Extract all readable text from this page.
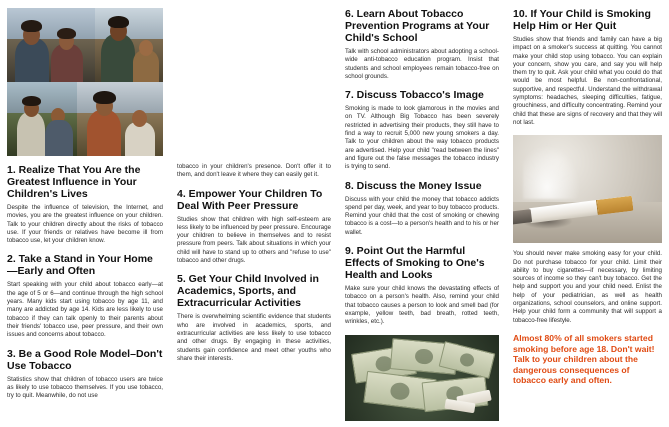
1. Realize That You Are the Greatest Influence in Your Children's Lives

Despite the influence of television, the Internet, and movies, you are the greatest influence on your children. Talk to your children directly about the risks of tobacco use. If your friends or relatives have become ill from tobacco use, let your children know.

2. Take a Stand in Your Home—Early and Often

Start speaking with your child about tobacco early—at the age of 5 or 6—and continue through the high school years. Many kids start using tobacco by age 11, and many are addicted by age 14. Kids are less likely to use tobacco if they can talk openly to their parents about their friends' tobacco use, peer pressure, and their own issues and concerns about tobacco.

3. Be a Good Role Model–Don't Use Tobacco

Statistics show that children of tobacco users are twice as likely to use tobacco themselves. If you use tobacco, try to quit. Meanwhile, do not use

tobacco in your children's presence. Don't offer it to them, and don't leave it where they can easily get it.

4. Empower Your Children To Deal With Peer Pressure

Studies show that children with high self-esteem are less likely to be influenced by peer pressure. Encourage your children to believe in themselves and to resist pressure from peers. Talk about situations in which your child will have to stand up to others and "refuse to use" tobacco and other drugs.

5. Get Your Child Involved in Academics, Sports, and Extracurricular Activities

There is overwhelming scientific evidence that students who are involved in academics, sports, and extracurricular activities are less likely to use tobacco and other drugs. By engaging in these activities, students gain confidence and meet other youths who share their interests.

6. Learn About Tobacco Prevention Programs at Your Child's School

Talk with school administrators about adopting a school-wide anti-tobacco education program. Insist that students and school employees remain tobacco-free on school grounds.

7. Discuss Tobacco's Image

Smoking is made to look glamorous in the movies and on TV. Although Big Tobacco has been severely restricted in advertising their products, they still have to find a way to recruit 5,000 new young smokers a day. Talk to your children about the way tobacco products are advertised. Help your child "read between the lines" and figure out the false messages the tobacco industry is trying to send.

8. Discuss the Money Issue

Discuss with your child the money that tobacco addicts spend per day, week, and year to buy tobacco products. Remind your child that the cost of smoking or chewing tobacco is a cost—to a person's health and to his or her wallet.

9. Point Out the Harmful Effects of Smoking to One's Health and Looks

Make sure your child knows the devastating effects of tobacco on a person's health. Also, remind your child that tobacco causes a person to look and smell bad (for example, yellow teeth, bad breath, rotted teeth, wrinkles, etc.).

10. If Your Child is Smoking Help Him or Her Quit

Studies show that friends and family can have a big impact on a smoker's success at quitting. You cannot make your child stop using tobacco. You can explain your concern, show you care, and say you will help them try to quit. Ask your child what you could do that would be most helpful. Be non-confrontational, supportive, and respectful. Understand the withdrawal symptoms: headaches, sleeping difficulties, fatigue, grouchiness, and difficulty concentrating. Remind your child that these are signs of recovery and that they will not last.

You should never make smoking easy for your child. Do not purchase tobacco for your child. Limit their ability to buy cigarettes—if necessary, by limiting sources of income so they can't buy tobacco. Get the help and support you and your child need. Enlist the help of your pediatrician, as well as health organizations, school counselors, and online support. Help your child form a community that will support a tobacco-free lifestyle.

Almost 80% of all smokers started smoking before age 18. Don't wait! Talk to your children about the dangerous consequences of tobacco early and often.
